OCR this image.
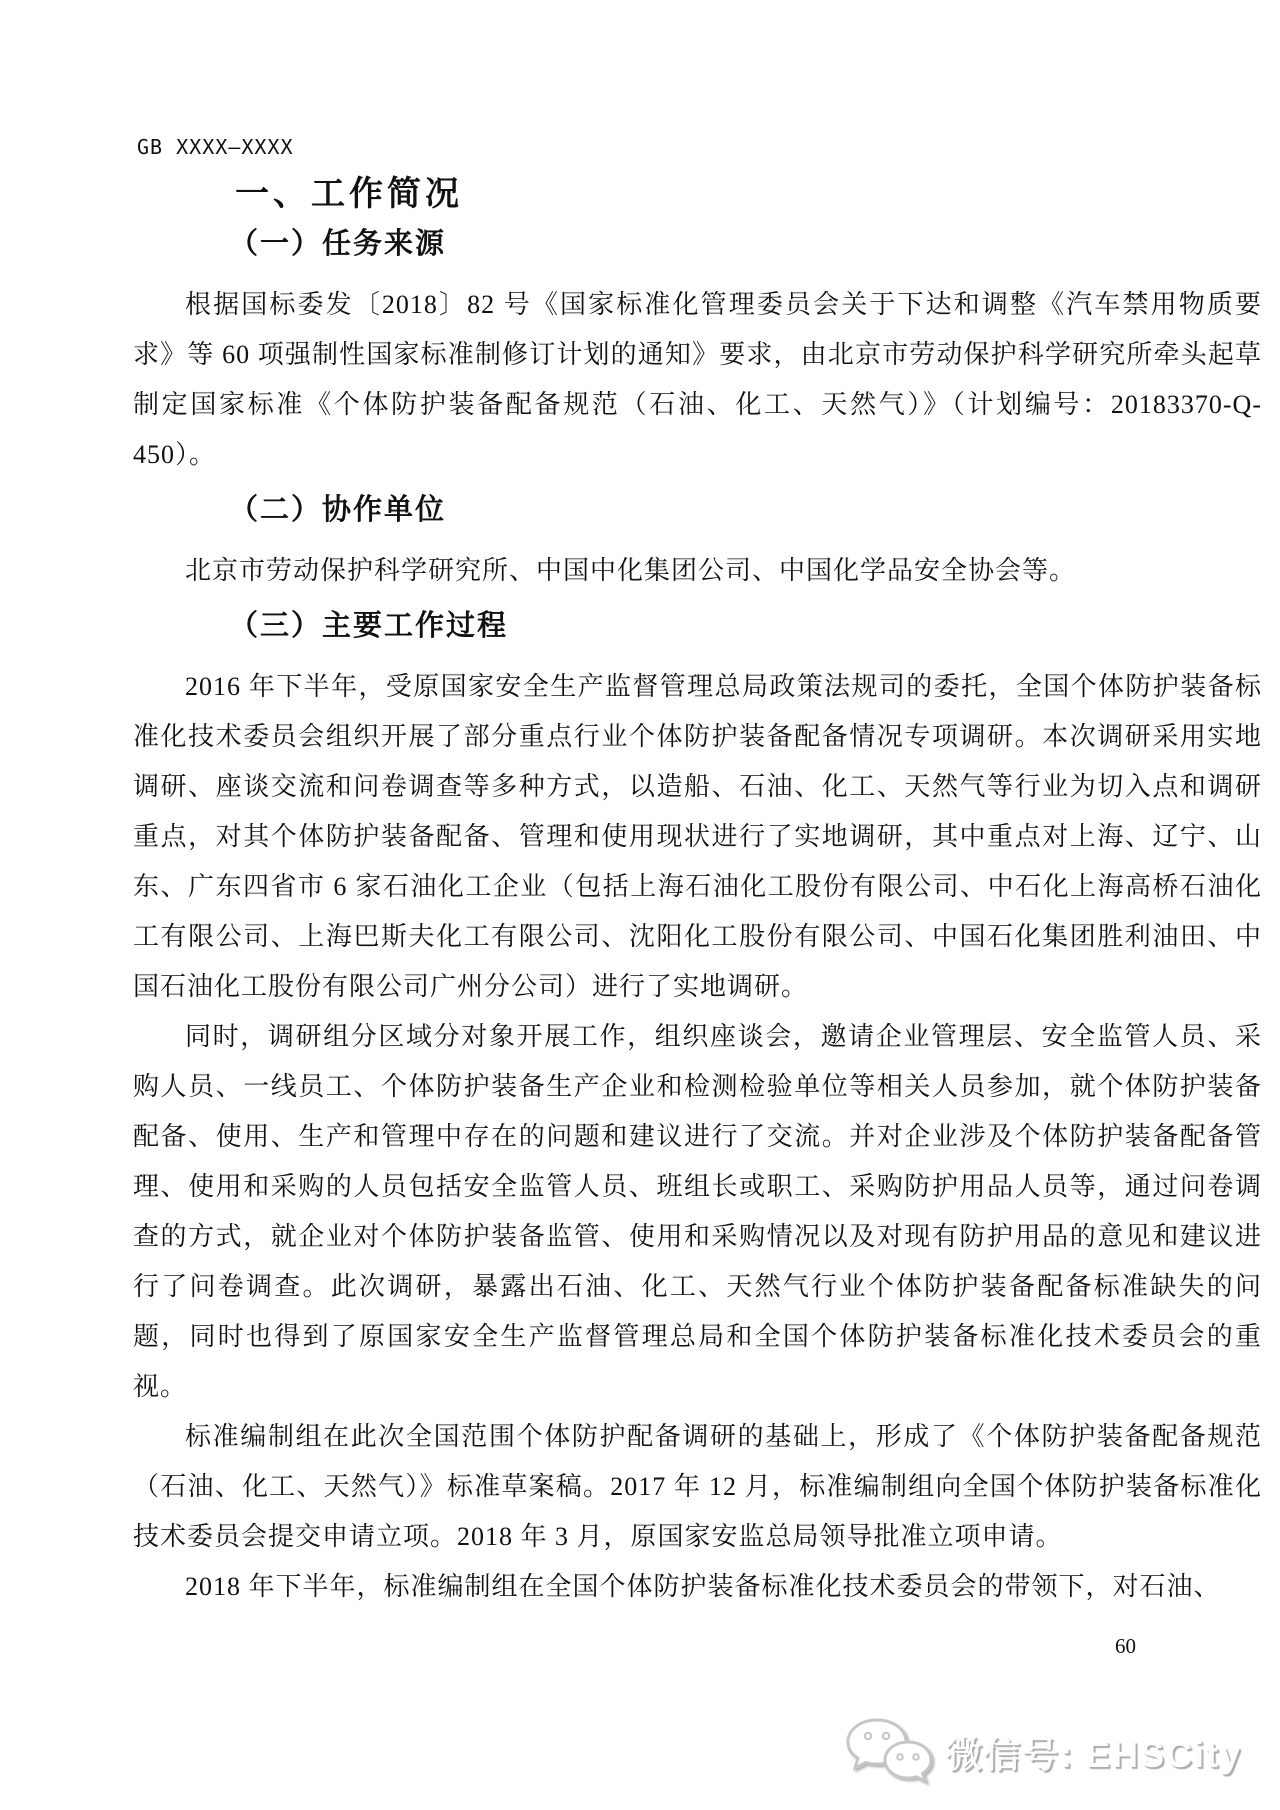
GB XXXX—XXXX
一、工作简况
（一）任务来源

根据国标委发〔2018〕82 号《国家标准化管理委员会关于下达和调整《汽车禁用物质要求》等 60 项强制性国家标准制修订计划的通知》要求，由北京市劳动保护科学研究所牵头起草制定国家标准《个体防护装备配备规范（石油、化工、天然气）》（计划编号：20183370-Q-450）。

（二）协作单位

北京市劳动保护科学研究所、中国中化集团公司、中国化学品安全协会等。

（三）主要工作过程

2016 年下半年，受原国家安全生产监督管理总局政策法规司的委托，全国个体防护装备标准化技术委员会组织开展了部分重点行业个体防护装备配备情况专项调研。本次调研采用实地调研、座谈交流和问卷调查等多种方式，以造船、石油、化工、天然气等行业为切入点和调研重点，对其个体防护装备配备、管理和使用现状进行了实地调研，其中重点对上海、辽宁、山东、广东四省市 6 家石油化工企业（包括上海石油化工股份有限公司、中石化上海高桥石油化工有限公司、上海巴斯夫化工有限公司、沈阳化工股份有限公司、中国石化集团胜利油田、中国石油化工股份有限公司广州分公司）进行了实地调研。

同时，调研组分区域分对象开展工作，组织座谈会，邀请企业管理层、安全监管人员、采购人员、一线员工、个体防护装备生产企业和检测检验单位等相关人员参加，就个体防护装备配备、使用、生产和管理中存在的问题和建议进行了交流。并对企业涉及个体防护装备配备管理、使用和采购的人员包括安全监管人员、班组长或职工、采购防护用品人员等，通过问卷调查的方式，就企业对个体防护装备监管、使用和采购情况以及对现有防护用品的意见和建议进行了问卷调查。此次调研，暴露出石油、化工、天然气行业个体防护装备配备标准缺失的问题，同时也得到了原国家安全生产监督管理总局和全国个体防护装备标准化技术委员会的重视。

标准编制组在此次全国范围个体防护配备调研的基础上，形成了《个体防护装备配备规范（石油、化工、天然气）》标准草案稿。2017 年 12 月，标准编制组向全国个体防护装备标准化技术委员会提交申请立项。2018 年 3 月，原国家安监总局领导批准立项申请。

2018 年下半年，标准编制组在全国个体防护装备标准化技术委员会的带领下，对石油、

60
微信号: EHSCity
